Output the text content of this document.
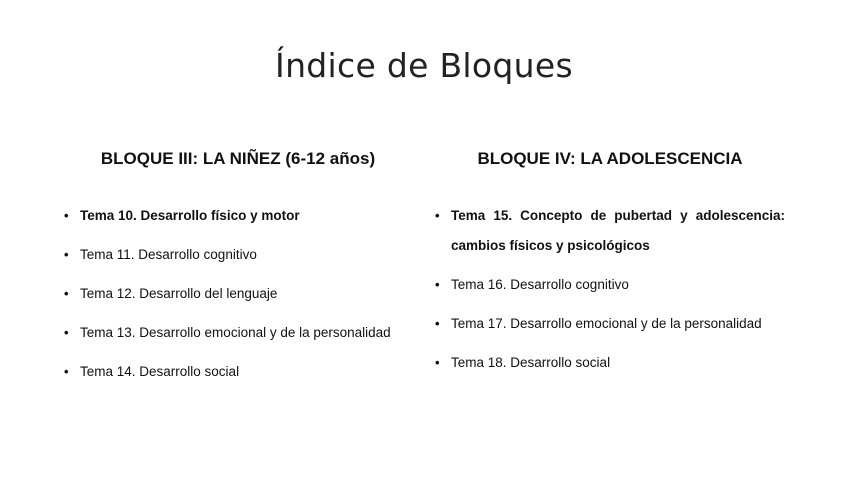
Índice de Bloques
BLOQUE III: LA NIÑEZ (6-12 años)
• Tema 10. Desarrollo físico y motor
• Tema 11. Desarrollo cognitivo
• Tema 12. Desarrollo del lenguaje
• Tema 13. Desarrollo emocional y de la personalidad
• Tema 14. Desarrollo social
BLOQUE IV: LA ADOLESCENCIA
• Tema 15. Concepto de pubertad y adolescencia: cambios físicos y psicológicos
• Tema 16. Desarrollo cognitivo
• Tema 17. Desarrollo emocional y de la personalidad
• Tema 18. Desarrollo social
